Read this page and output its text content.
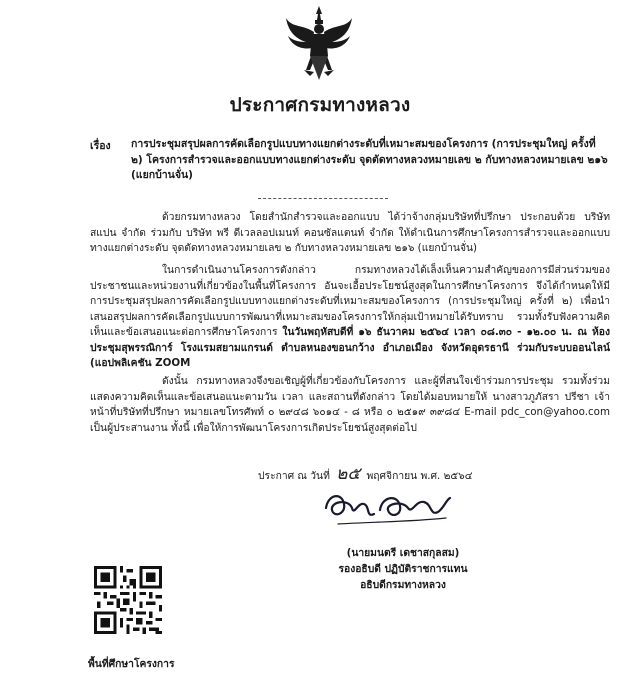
ประกาศกรมทางหลวง
เรื่อง การประชุมสรุปผลการคัดเลือกรูปแบบทางแยกต่างระดับที่เหมาะสมของโครงการ (การประชุมใหญ่ ครั้งที่ ๒) โครงการสำรวจและออกแบบทางแยกต่างระดับ จุดตัดทางหลวงหมายเลข ๒ กับทางหลวงหมายเลข ๒๑๖ (แยกบ้านจั่น)
ด้วยกรมทางหลวง โดยสำนักสำรวจและออกแบบ ได้ว่าจ้างกลุ่มบริษัทที่ปรึกษา ประกอบด้วย บริษัท สแปน จำกัด ร่วมกับ บริษัท พรี ดีเวลลอปเมนท์ คอนซัลแตนท์ จำกัด ให้ดำเนินการศึกษาโครงการสำรวจและออกแบบทางแยกต่างระดับ จุดตัดทางหลวงหมายเลข ๒ กับทางหลวงหมายเลข ๒๑๖ (แยกบ้านจั่น)
ในการดำเนินงานโครงการดังกล่าว กรมทางหลวงได้เล็งเห็นความสำคัญของการมีส่วนร่วมของประชาชนและหน่วยงานที่เกี่ยวข้องในพื้นที่โครงการ อันจะเอื้อประโยชน์สูงสุดในการศึกษาโครงการ จึงได้กำหนดให้มีการประชุมสรุปผลการคัดเลือกรูปแบบทางแยกต่างระดับที่เหมาะสมของโครงการ (การประชุมใหญ่ ครั้งที่ ๒) เพื่อนำเสนอสรุปผลการคัดเลือกรูปแบบการพัฒนาที่เหมาะสมของโครงการให้กลุ่มเป้าหมายได้รับทราบ รวมทั้งรับฟังความคิดเห็นและข้อเสนอแนะต่อการศึกษาโครงการ ในวันพฤหัสบดีที่ ๑๖ ธันวาคม ๒๕๖๔ เวลา ๐๘.๓๐ - ๑๒.๐๐ น. ณ ห้องประชุมสุพรรณิการ์ โรงแรมสยามแกรนด์ ตำบลหนองขอนกว้าง อำเภอเมือง จังหวัดอุดรธานี ร่วมกับระบบออนไลน์ (แอปพลิเคชัน ZOOM
ดังนั้น กรมทางหลวงจึงขอเชิญผู้ที่เกี่ยวข้องกับโครงการ และผู้ที่สนใจเข้าร่วมการประชุม รวมทั้งร่วมแสดงความคิดเห็นและข้อเสนอแนะตามวัน เวลา และสถานที่ดังกล่าว โดยได้มอบหมายให้ นางสาวภูภัสรา ปรีชา เจ้าหน้าที่บริษัทที่ปรึกษา หมายเลขโทรศัพท์ ๐ ๒๙๔๘ ๖๐๑๔ - ๘ หรือ ๐ ๒๕๑๙ ๓๙๘๔ E-mail pdc_con@yahoo.com เป็นผู้ประสานงาน ทั้งนี้ เพื่อให้การพัฒนาโครงการเกิดประโยชน์สูงสุดต่อไป
ประกาศ ณ วันที่ ๒๕ พฤศจิกายน พ.ศ. ๒๕๖๔
(นายมนตรี เดชาสกุลสม)
รองอธิบดี ปฏิบัติราชการแทน
อธิบดีกรมทางหลวง
พื้นที่ศึกษาโครงการ
